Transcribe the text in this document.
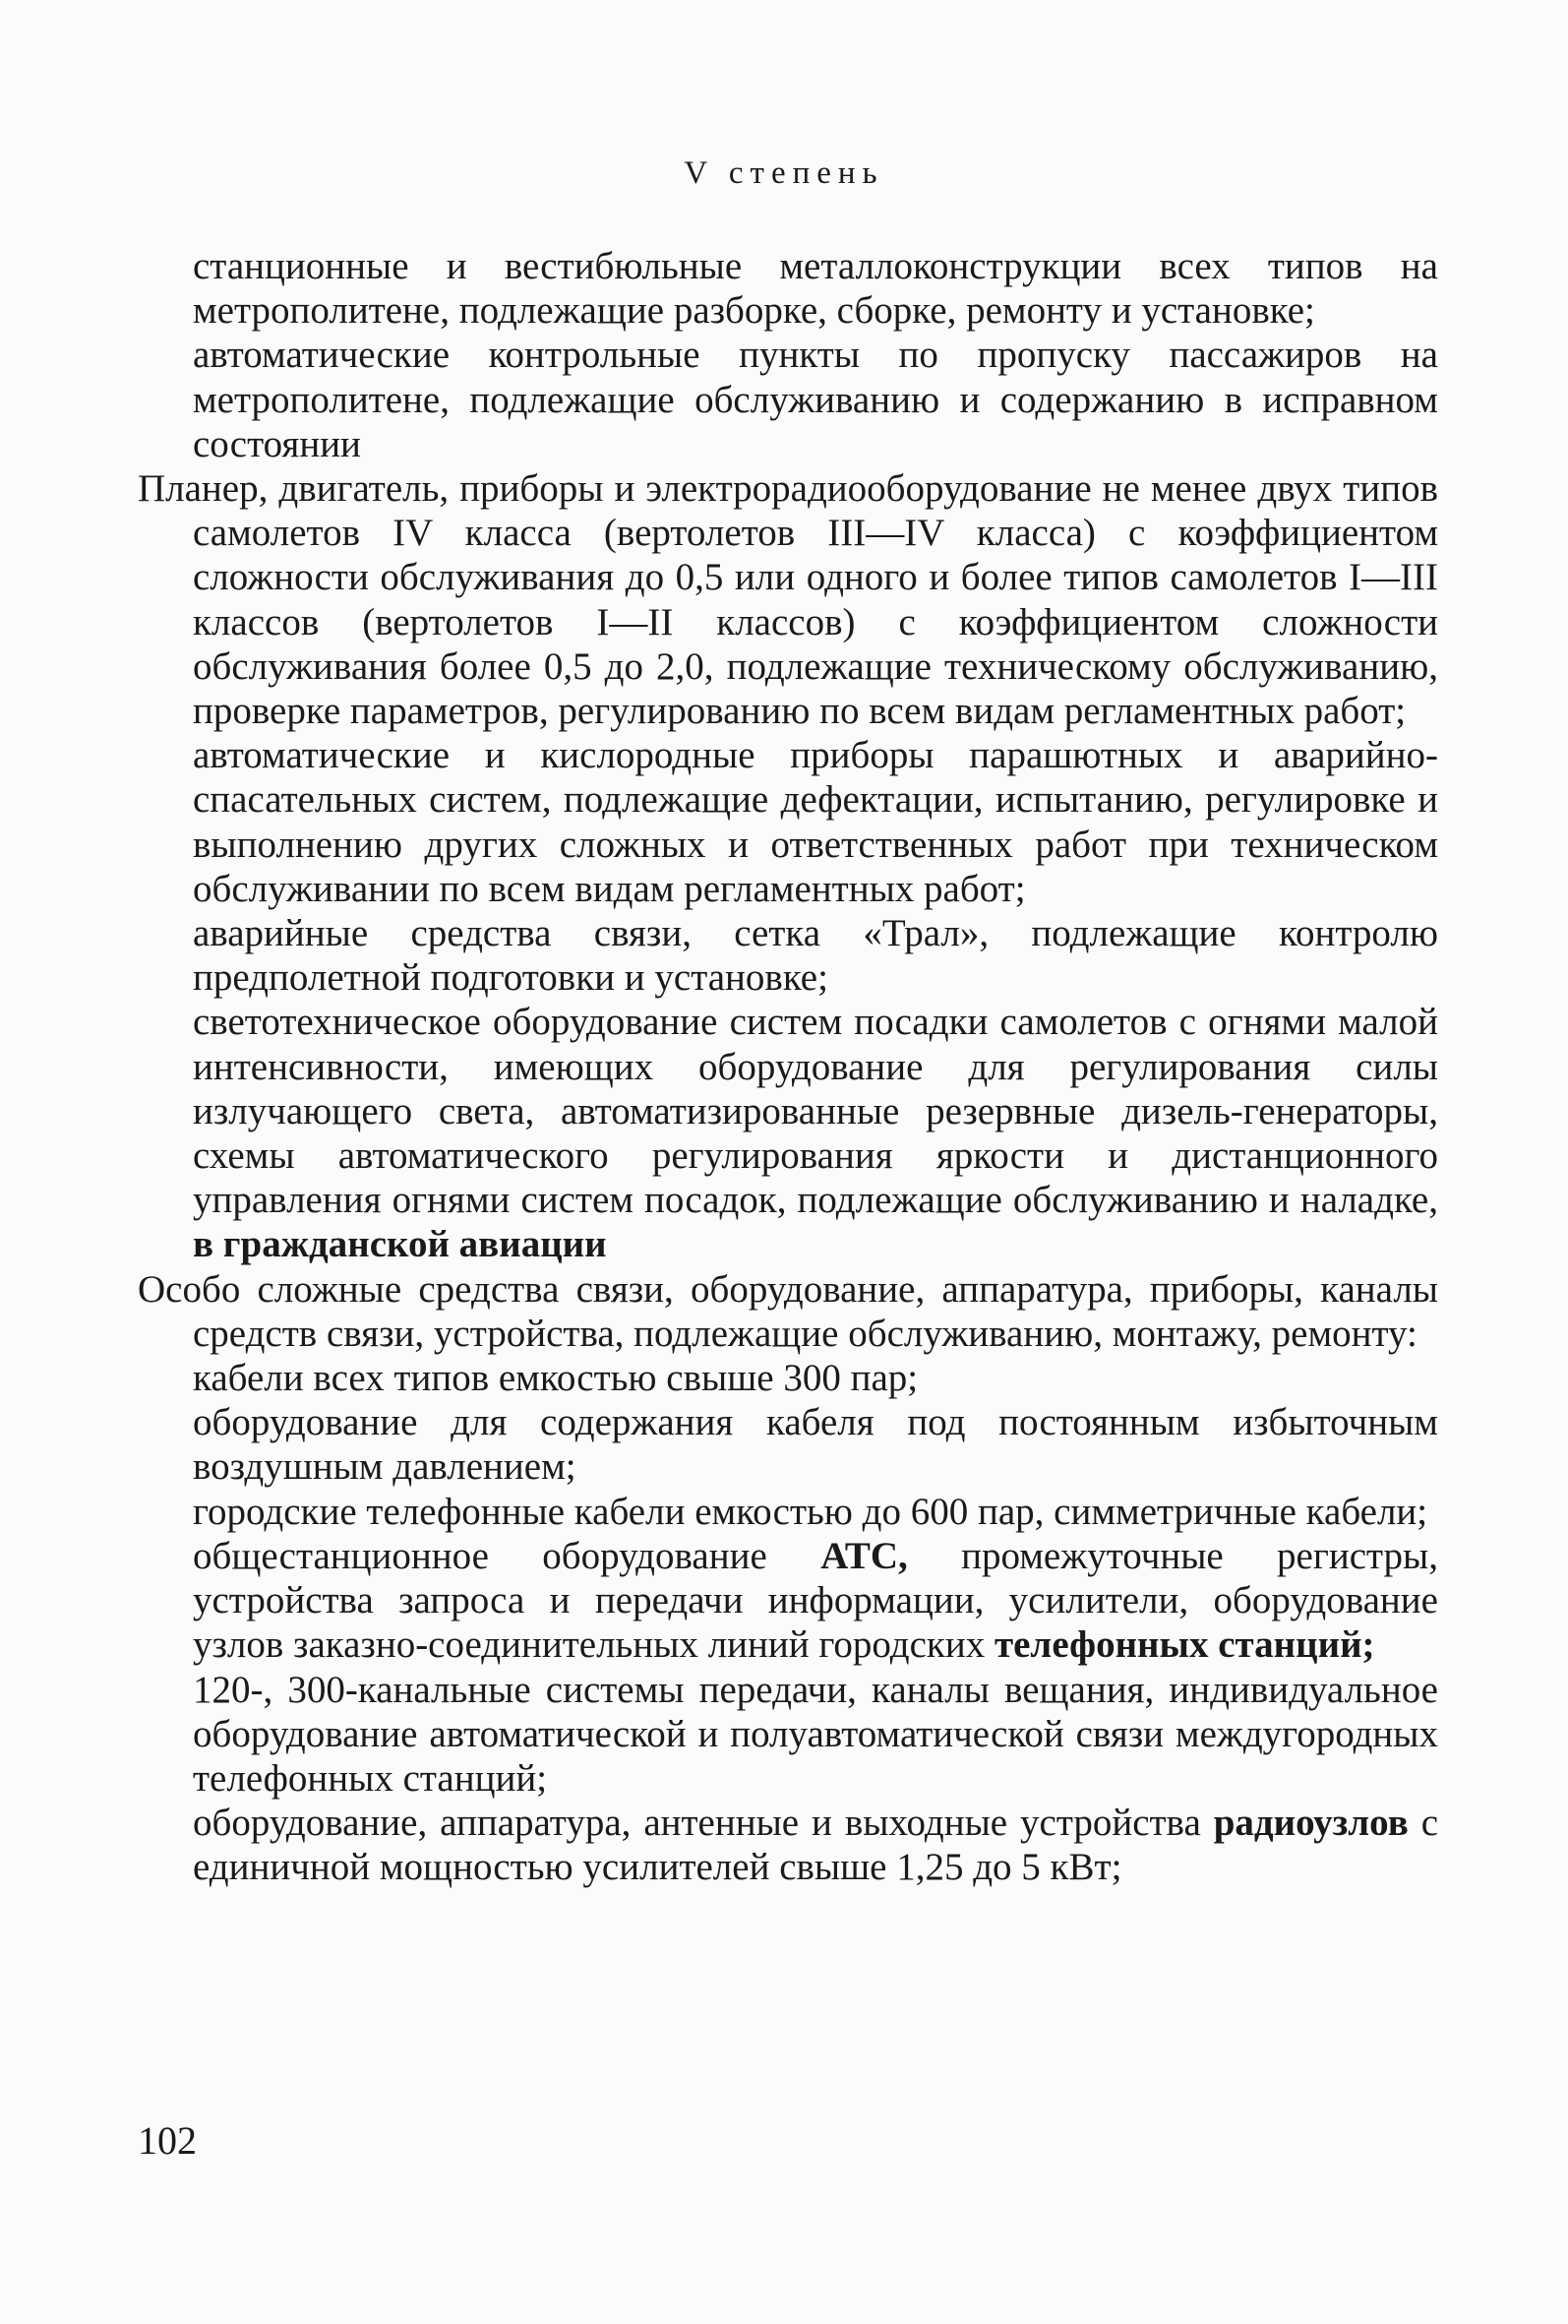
V степень

станционные и вестибюльные металлоконструкции всех типов на метрополитене, подлежащие разборке, сборке, ремонту и установке;

автоматические контрольные пункты по пропуску пассажиров на метрополитене, подлежащие обслуживанию и содержанию в исправном состоянии

Планер, двигатель, приборы и электрорадиооборудование не менее двух типов самолетов IV класса (вертолетов III—IV класса) с коэффициентом сложности обслуживания до 0,5 или одного и более типов самолетов I—III классов (вертолетов I—II классов) с коэффициентом сложности обслуживания более 0,5 до 2,0, подлежащие техническому обслуживанию, проверке параметров, регулированию по всем видам регламентных работ;

автоматические и кислородные приборы парашютных и аварийно-спасательных систем, подлежащие дефектации, испытанию, регулировке и выполнению других сложных и ответственных работ при техническом обслуживании по всем видам регламентных работ;

аварийные средства связи, сетка «Трал», подлежащие контролю предполетной подготовки и установке;

светотехническое оборудование систем посадки самолетов с огнями малой интенсивности, имеющих оборудование для регулирования силы излучающего света, автоматизированные резервные дизель-генераторы, схемы автоматического регулирования яркости и дистанционного управления огнями систем посадок, подлежащие обслуживанию и наладке, в гражданской авиации

Особо сложные средства связи, оборудование, аппаратура, приборы, каналы средств связи, устройства, подлежащие обслуживанию, монтажу, ремонту:

кабели всех типов емкостью свыше 300 пар;

оборудование для содержания кабеля под постоянным избыточным воздушным давлением;

городские телефонные кабели емкостью до 600 пар, симметричные кабели;

общестанционное оборудование АТС, промежуточные регистры, устройства запроса и передачи информации, усилители, оборудование узлов заказно-соединительных линий городских телефонных станций;

120-, 300-канальные системы передачи, каналы вещания, индивидуальное оборудование автоматической и полуавтоматической связи междугородных телефонных станций;

оборудование, аппаратура, антенные и выходные устройства радиоузлов с единичной мощностью усилителей свыше 1,25 до 5 кВт;

102
